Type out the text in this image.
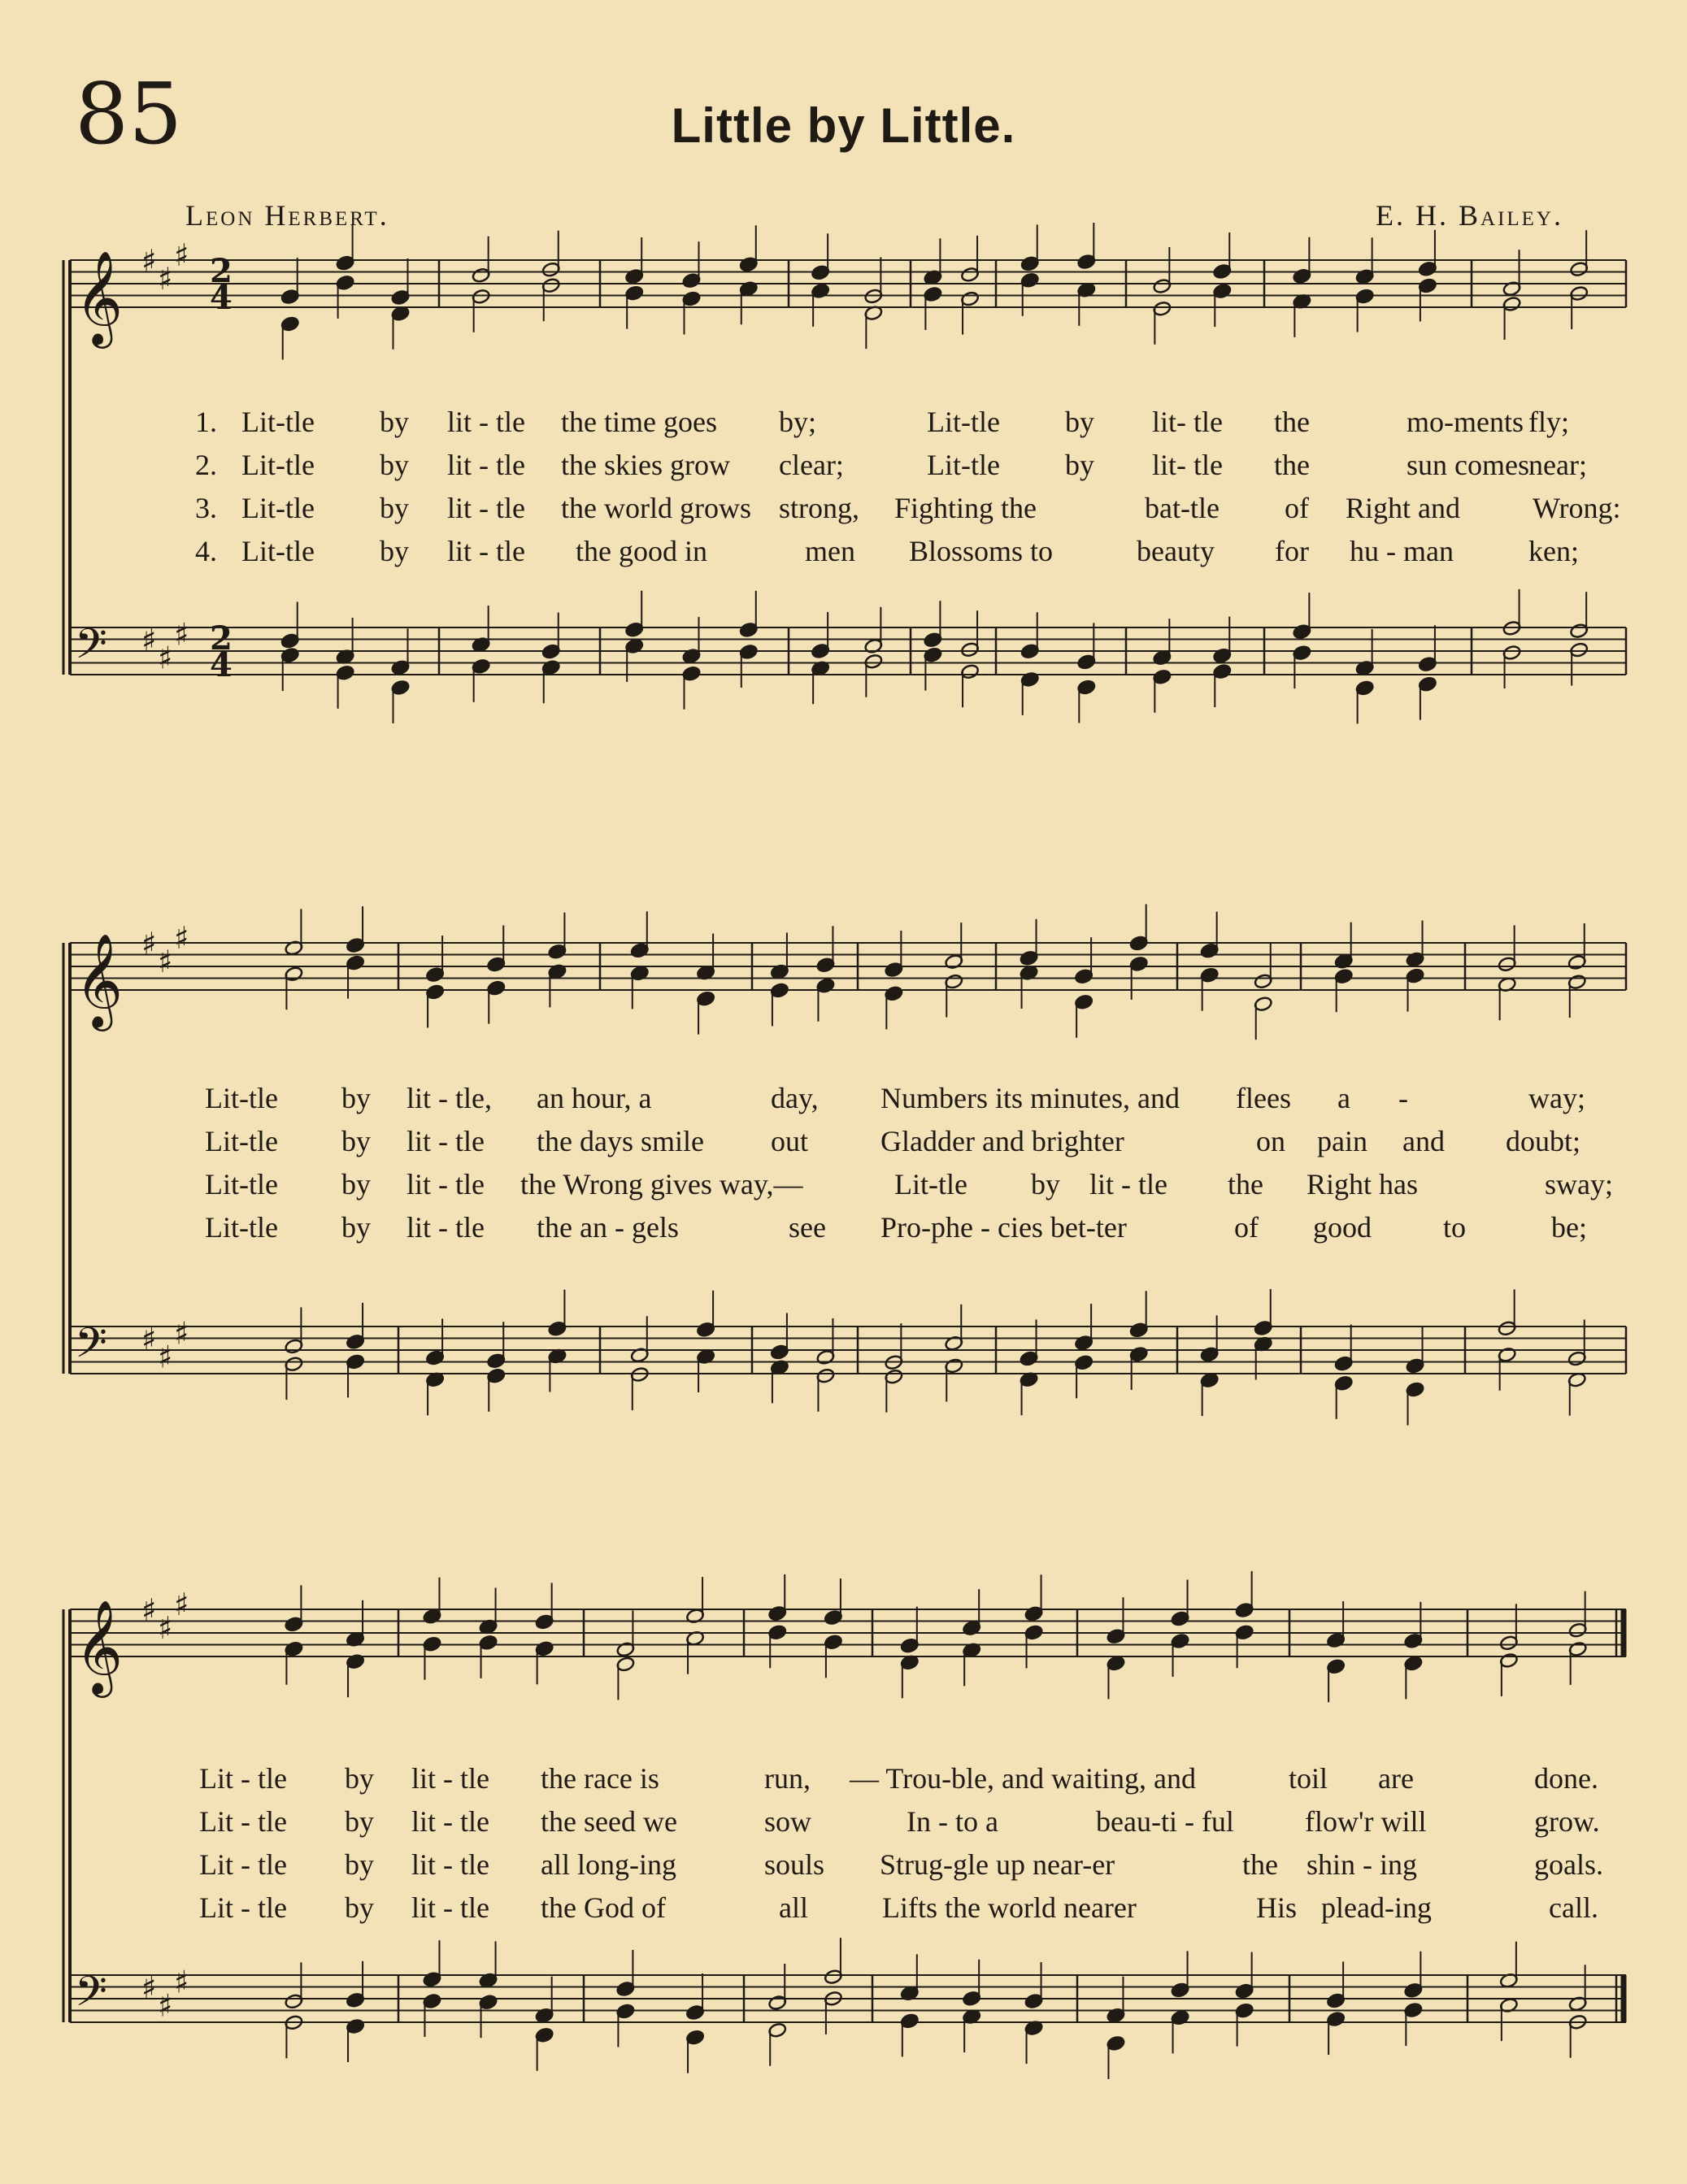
85	Little by Little.
Leon Herbert.	E. H. Bailey.
𝄞
𝄢
♯ ♯
♯
♯ ♯
♯
2
4
2
4
𝄞
𝄢
♯ ♯
♯
♯ ♯
♯
𝄞
𝄢
♯ ♯
♯
♯ ♯
♯
1. Lit-tle by lit - tle the time goes by;	Lit-tle by lit- tle the	mo-ments fly;
2. Lit-tle by lit - tle the skies grow clear;	Lit-tle by lit- tle the	sun comes near;
3. Lit-tle by lit - tle the world grows strong, Fighting the	bat-tle of Right and Wrong:
4. Lit-tle by lit - tle the good in	men Blossoms to	beauty for hu - man	ken;
Lit-tle by lit - tle, an hour, a	day, Numbers its minutes, and flees a -	way;
Lit-tle by lit - tle the days smile out Gladder and brighter	on pain and doubt;
Lit-tle by lit - tle the Wrong gives way,—	Lit-tle by lit - tle the Right has	sway;
Lit-tle by lit - tle the an - gels	see Pro-phe - cies bet-ter	of good to	be;
Lit - tle by lit - tle the race is	run, — Trou-ble, and waiting, and	toil are	done.
Lit - tle by lit - tle the seed we	sow	In - to a	beau-ti - ful flow'r will	grow.
Lit - tle by lit - tle all long-ing	souls Strug-gle up near-er	the shin - ing	goals.
Lit - tle by lit - tle the God of	all	Lifts the world nearer	His plead-ing	call.
